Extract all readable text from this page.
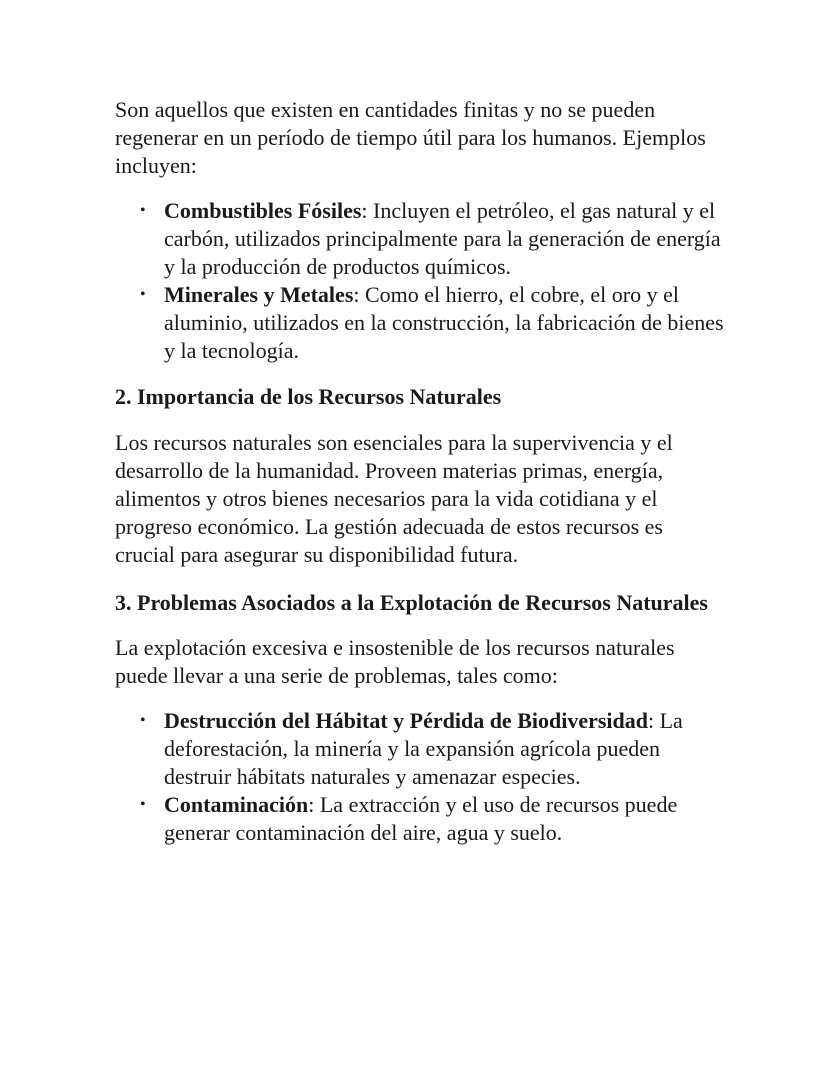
Son aquellos que existen en cantidades finitas y no se pueden regenerar en un período de tiempo útil para los humanos. Ejemplos incluyen:

• Combustibles Fósiles: Incluyen el petróleo, el gas natural y el carbón, utilizados principalmente para la generación de energía y la producción de productos químicos.
• Minerales y Metales: Como el hierro, el cobre, el oro y el aluminio, utilizados en la construcción, la fabricación de bienes y la tecnología.
2. Importancia de los Recursos Naturales

Los recursos naturales son esenciales para la supervivencia y el desarrollo de la humanidad. Proveen materias primas, energía, alimentos y otros bienes necesarios para la vida cotidiana y el progreso económico. La gestión adecuada de estos recursos es crucial para asegurar su disponibilidad futura.

3. Problemas Asociados a la Explotación de Recursos Naturales

La explotación excesiva e insostenible de los recursos naturales puede llevar a una serie de problemas, tales como:

• Destrucción del Hábitat y Pérdida de Biodiversidad: La deforestación, la minería y la expansión agrícola pueden destruir hábitats naturales y amenazar especies.
• Contaminación: La extracción y el uso de recursos puede generar contaminación del aire, agua y suelo.
